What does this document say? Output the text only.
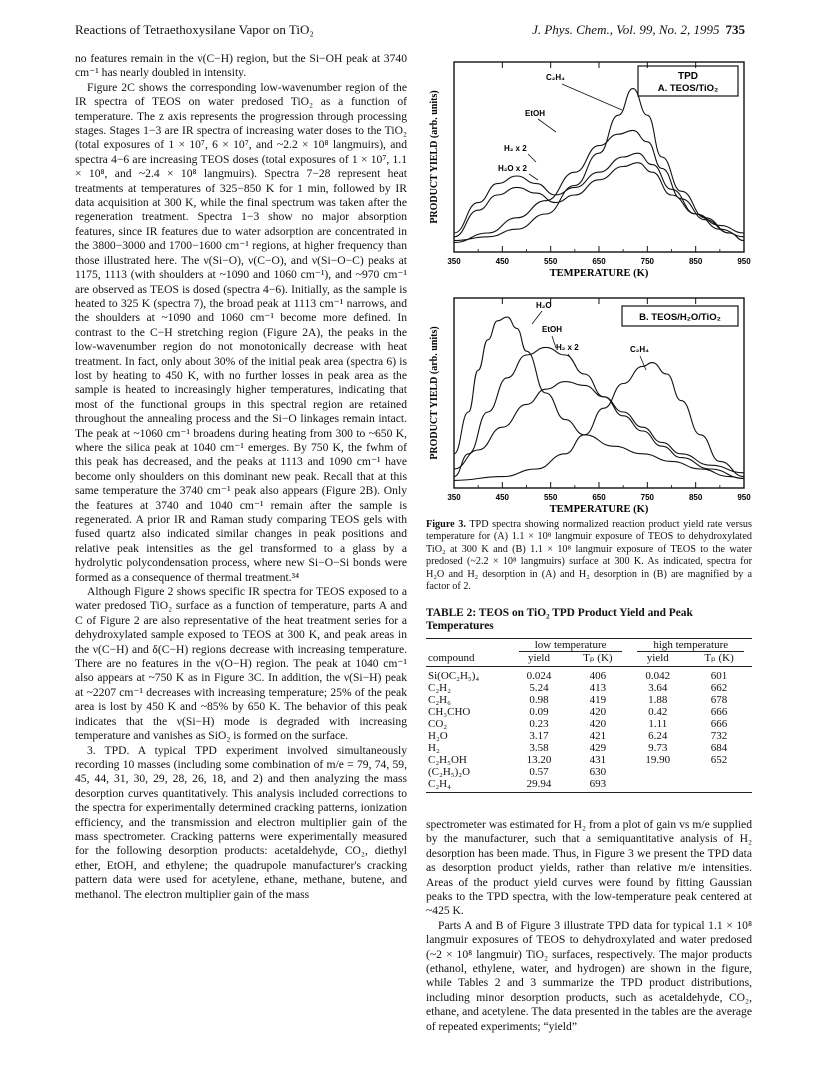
Reactions of Tetraethoxysilane Vapor on TiO₂	J. Phys. Chem., Vol. 99, No. 2, 1995 735

no features remain in the ν(C−H) region, but the Si−OH peak at 3740 cm⁻¹ has nearly doubled in intensity.

Figure 2C shows the corresponding low-wavenumber region of the IR spectra of TEOS on water predosed TiO₂ as a function of temperature. The z axis represents the progression through processing stages. Stages 1−3 are IR spectra of increasing water doses to the TiO₂ (total exposures of 1 × 10⁷, 6 × 10⁷, and ~2.2 × 10⁸ langmuirs), and spectra 4−6 are increasing TEOS doses (total exposures of 1 × 10⁷, 1.1 × 10⁸, and ~2.4 × 10⁸ langmuirs). Spectra 7−28 represent heat treatments at temperatures of 325−850 K for 1 min, followed by IR data acquisition at 300 K, while the final spectrum was taken after the regeneration treatment. Spectra 1−3 show no major absorption features, since IR features due to water adsorption are concentrated in the 3800−3000 and 1700−1600 cm⁻¹ regions, at higher frequency than those illustrated here. The ν(Si−O), ν(C−O), and ν(Si−O−C) peaks at 1175, 1113 (with shoulders at ~1090 and 1060 cm⁻¹), and ~970 cm⁻¹ are observed as TEOS is dosed (spectra 4−6). Initially, as the sample is heated to 325 K (spectra 7), the broad peak at 1113 cm⁻¹ narrows, and the shoulders at ~1090 and 1060 cm⁻¹ become more defined. In contrast to the C−H stretching region (Figure 2A), the peaks in the low-wavenumber region do not monotonically decrease with heat treatment. In fact, only about 30% of the initial peak area (spectra 6) is lost by heating to 450 K, with no further losses in peak area as the sample is heated to increasingly higher temperatures, indicating that most of the functional groups in this spectral region are retained throughout the annealing process and the Si−O linkages remain intact. The peak at ~1060 cm⁻¹ broadens during heating from 300 to ~650 K, where the silica peak at 1040 cm⁻¹ emerges. By 750 K, the fwhm of this peak has decreased, and the peaks at 1113 and 1090 cm⁻¹ have become only shoulders on this dominant new peak. Recall that at this same temperature the 3740 cm⁻¹ peak also appears (Figure 2B). Only the features at 3740 and 1040 cm⁻¹ remain after the sample is regenerated. A prior IR and Raman study comparing TEOS gels with fused quartz also indicated similar changes in peak positions and relative peak intensities as the gel transformed to a glass by a hydrolytic polycondensation process, where new Si−O−Si bonds were formed as a consequence of thermal treatment.³⁴

Although Figure 2 shows specific IR spectra for TEOS exposed to a water predosed TiO₂ surface as a function of temperature, parts A and C of Figure 2 are also representative of the heat treatment series for a dehydroxylated sample exposed to TEOS at 300 K, and peak areas in the ν(C−H) and δ(C−H) regions decrease with increasing temperature. There are no features in the ν(O−H) region. The peak at 1040 cm⁻¹ also appears at ~750 K as in Figure 3C. In addition, the ν(Si−H) peak at ~2207 cm⁻¹ decreases with increasing temperature; 25% of the peak area is lost by 450 K and ~85% by 650 K. The behavior of this peak indicates that the ν(Si−H) mode is degraded with increasing temperature and vanishes as SiO₂ is formed on the surface.

3. TPD. A typical TPD experiment involved simultaneously recording 10 masses (including some combination of m/e = 79, 74, 59, 45, 44, 31, 30, 29, 28, 26, 18, and 2) and then analyzing the mass desorption curves quantitatively. This analysis included corrections to the spectra for experimentally determined cracking patterns, ionization efficiency, and the transmission and electron multiplier gain of the mass spectrometer. Cracking patterns were experimentally measured for the following desorption products: acetaldehyde, CO₂, diethyl ether, EtOH, and ethylene; the quadrupole manufacturer's cracking pattern data were used for acetylene, ethane, methane, butene, and methanol. The electron multiplier gain of the mass

PRODUCT YIELD (arb. units)
TEMPERATURE (K)
TPD
A. TEOS/TiO₂
C₂H₄
EtOH
H₂ x 2
H₂O x 2
350	450	550	650	750	850	950
PRODUCT YIELD (arb. units)
TEMPERATURE (K)
B. TEOS/H₂O/TiO₂
H₂O
EtOH
H₂ x 2	C₂H₄
350	450	550	650	750	850	950
Figure 3. TPD spectra showing normalized reaction product yield rate versus temperature for (A) 1.1 × 10⁸ langmuir exposure of TEOS to dehydroxylated TiO₂ at 300 K and (B) 1.1 × 10⁸ langmuir exposure of TEOS to the water predosed (~2.2 × 10⁸ langmuirs) surface at 300 K. As indicated, spectra for H₂O and H₂ desorption in (A) and H₂ desorption in (B) are magnified by a factor of 2.
TABLE 2: TEOS on TiO₂ TPD Product Yield and Peak Temperatures
	low temperature		high temperature	
compound	yield	Tₚ (K)	yield	Tₚ (K)
Si(OC₂H₅)₄	0.024	406	0.042	601
C₂H₂	5.24	413	3.64	662
C₂H₆	0.98	419	1.88	678
CH₃CHO	0.09	420	0.42	666
CO₂	0.23	420	1.11	666
H₂O	3.17	421	6.24	732
H₂	3.58	429	9.73	684
C₂H₅OH	13.20	431	19.90	652
(C₂H₅)₂O	0.57	630		
C₂H₄	29.94	693		

spectrometer was estimated for H₂ from a plot of gain vs m/e supplied by the manufacturer, such that a semiquantitative analysis of H₂ desorption has been made. Thus, in Figure 3 we present the TPD data as desorption product yields, rather than relative m/e intensities. Areas of the product yield curves were found by fitting Gaussian peaks to the TPD spectra, with the low-temperature peak centered at ~425 K.

Parts A and B of Figure 3 illustrate TPD data for typical 1.1 × 10⁸ langmuir exposures of TEOS to dehydroxylated and water predosed (~2 × 10⁸ langmuir) TiO₂ surfaces, respectively. The major products (ethanol, ethylene, water, and hydrogen) are shown in the figure, while Tables 2 and 3 summarize the TPD product distributions, including minor desorption products, such as acetaldehyde, CO₂, ethane, and acetylene. The data presented in the tables are the average of repeated experiments; “yield”
